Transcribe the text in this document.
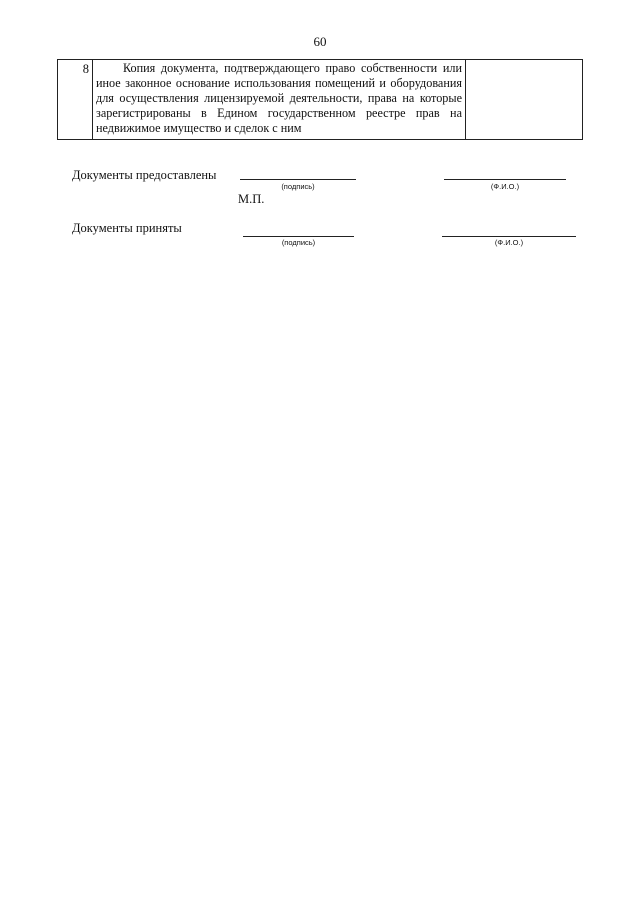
60
8	Копия документа, подтверждающего право собственности или иное законное основание использования помещений и оборудования для осуществления лицензируемой деятельности, права на которые зарегистрированы в Едином государственном реестре прав на недвижимое имущество и сделок с ним

Документы предоставлены
(подпись)	(Ф.И.О.)
М.П.
Документы приняты
(подпись)	(Ф.И.О.)
